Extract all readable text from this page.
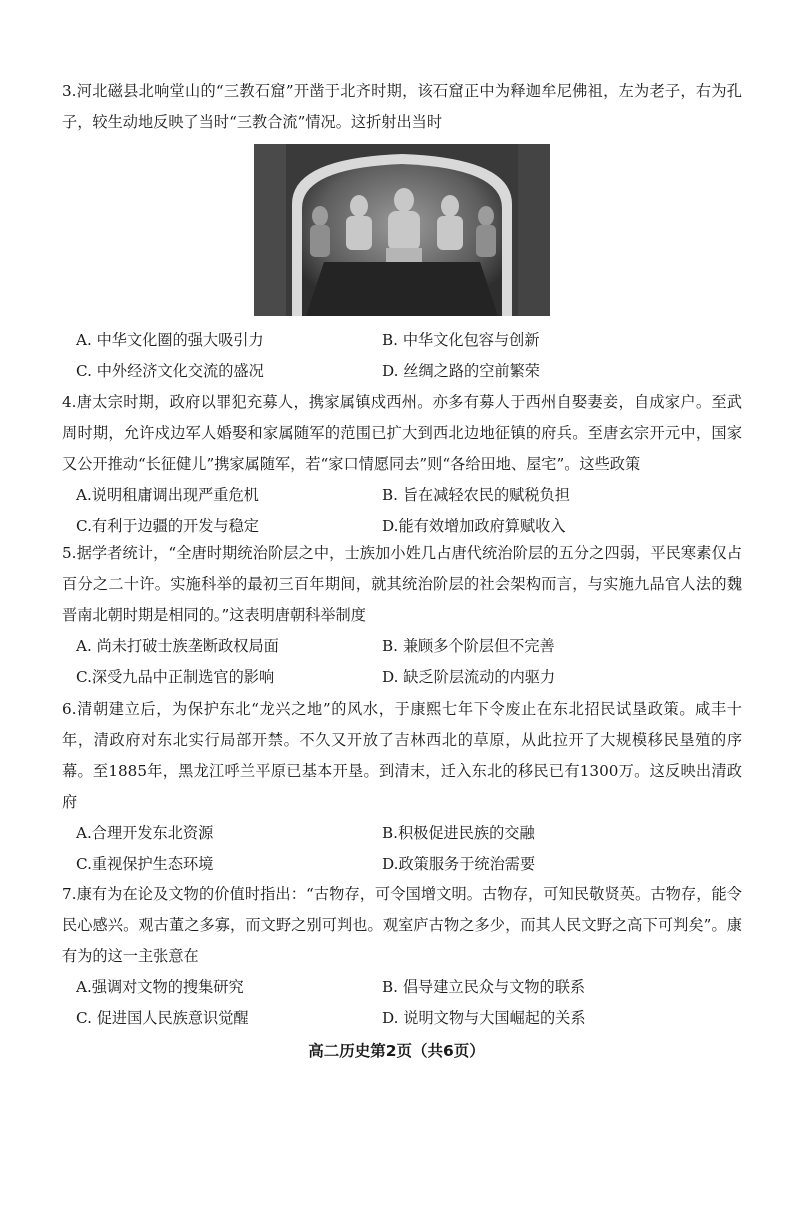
3.河北磁县北响堂山的“三教石窟”开凿于北齐时期，该石窟正中为释迦牟尼佛祖，左为老子，右为孔子，较生动地反映了当时“三教合流”情况。这折射出当时

A. 中华文化圈的强大吸引力	B. 中华文化包容与创新
C. 中外经济文化交流的盛况	D. 丝绸之路的空前繁荣

4.唐太宗时期，政府以罪犯充募人，携家属镇戍西州。亦多有募人于西州自娶妻妾，自成家户。至武周时期，允许戍边军人婚娶和家属随军的范围已扩大到西北边地征镇的府兵。至唐玄宗开元中，国家又公开推动“长征健儿”携家属随军，若“家口情愿同去”则“各给田地、屋宅”。这些政策

A.说明租庸调出现严重危机	B. 旨在减轻农民的赋税负担
C.有利于边疆的开发与稳定	D.能有效增加政府算赋收入

5.据学者统计，“全唐时期统治阶层之中，士族加小姓几占唐代统治阶层的五分之四弱，平民寒素仅占百分之二十许。实施科举的最初三百年期间，就其统治阶层的社会架构而言，与实施九品官人法的魏晋南北朝时期是相同的。”这表明唐朝科举制度

A. 尚未打破士族垄断政权局面	B. 兼顾多个阶层但不完善
C.深受九品中正制选官的影响	D. 缺乏阶层流动的内驱力

6.清朝建立后，为保护东北“龙兴之地”的风水，于康熙七年下令废止在东北招民试垦政策。咸丰十年，清政府对东北实行局部开禁。不久又开放了吉林西北的草原，从此拉开了大规模移民垦殖的序幕。至1885年，黑龙江呼兰平原已基本开垦。到清末，迁入东北的移民已有1300万。这反映出清政府

A.合理开发东北资源	B.积极促进民族的交融
C.重视保护生态环境	D.政策服务于统治需要

7.康有为在论及文物的价值时指出：“古物存，可令国增文明。古物存，可知民敬贤英。古物存，能令民心感兴。观古董之多寡，而文野之别可判也。观室庐古物之多少，而其人民文野之高下可判矣”。康有为的这一主张意在

A.强调对文物的搜集研究	B. 倡导建立民众与文物的联系
C. 促进国人民族意识觉醒	D. 说明文物与大国崛起的关系
高二历史第2页（共6页）
